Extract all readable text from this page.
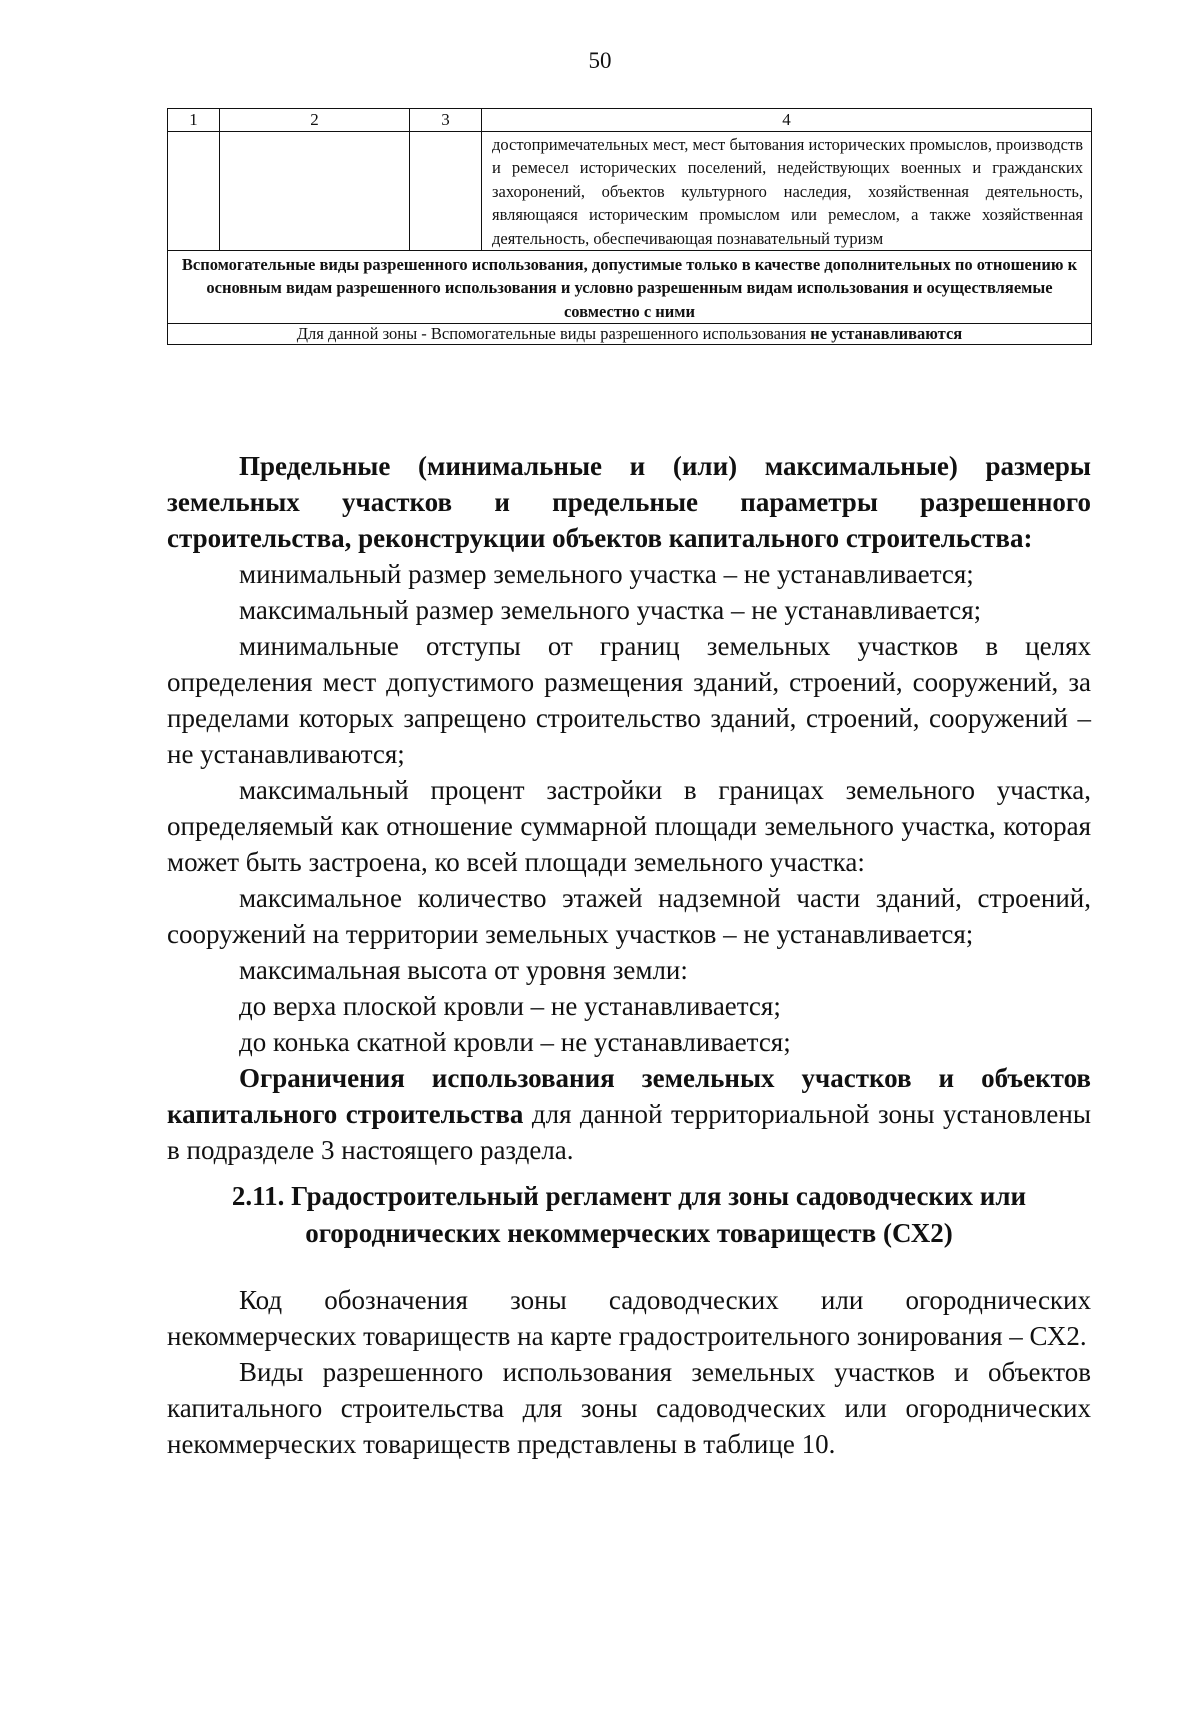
50
1	2	3	4
			достопримечательных мест, мест бытования исторических промыслов, производств и ремесел исторических поселений, недействующих военных и гражданских захоронений, объектов культурного наследия, хозяйственная деятельность, являющаяся историческим промыслом или ремеслом, а также хозяйственная деятельность, обеспечивающая познавательный туризм
Вспомогательные виды разрешенного использования, допустимые только в качестве дополнительных по отношению к основным видам разрешенного использования и условно разрешенным видам использования и осуществляемые совместно с ними			
Для данной зоны - Вспомогательные виды разрешенного использования не устанавливаются			

Предельные (минимальные и (или) максимальные) размеры земельных участков и предельные параметры разрешенного строительства, реконструкции объектов капитального строительства:

минимальный размер земельного участка – не устанавливается;

максимальный размер земельного участка – не устанавливается;

минимальные отступы от границ земельных участков в целях определения мест допустимого размещения зданий, строений, сооружений, за пределами которых запрещено строительство зданий, строений, сооружений – не устанавливаются;

максимальный процент застройки в границах земельного участка, определяемый как отношение суммарной площади земельного участка, которая может быть застроена, ко всей площади земельного участка:

максимальное количество этажей надземной части зданий, строений, сооружений на территории земельных участков – не устанавливается;

максимальная высота от уровня земли:

до верха плоской кровли – не устанавливается;

до конька скатной кровли – не устанавливается;

Ограничения использования земельных участков и объектов капитального строительства для данной территориальной зоны установлены в подразделе 3 настоящего раздела.

2.11. Градостроительный регламент для зоны садоводческих или

огороднических некоммерческих товариществ (СХ2)

Код обозначения зоны садоводческих или огороднических некоммерческих товариществ на карте градостроительного зонирования – СХ2.

Виды разрешенного использования земельных участков и объектов капитального строительства для зоны садоводческих или огороднических некоммерческих товариществ представлены в таблице 10.
